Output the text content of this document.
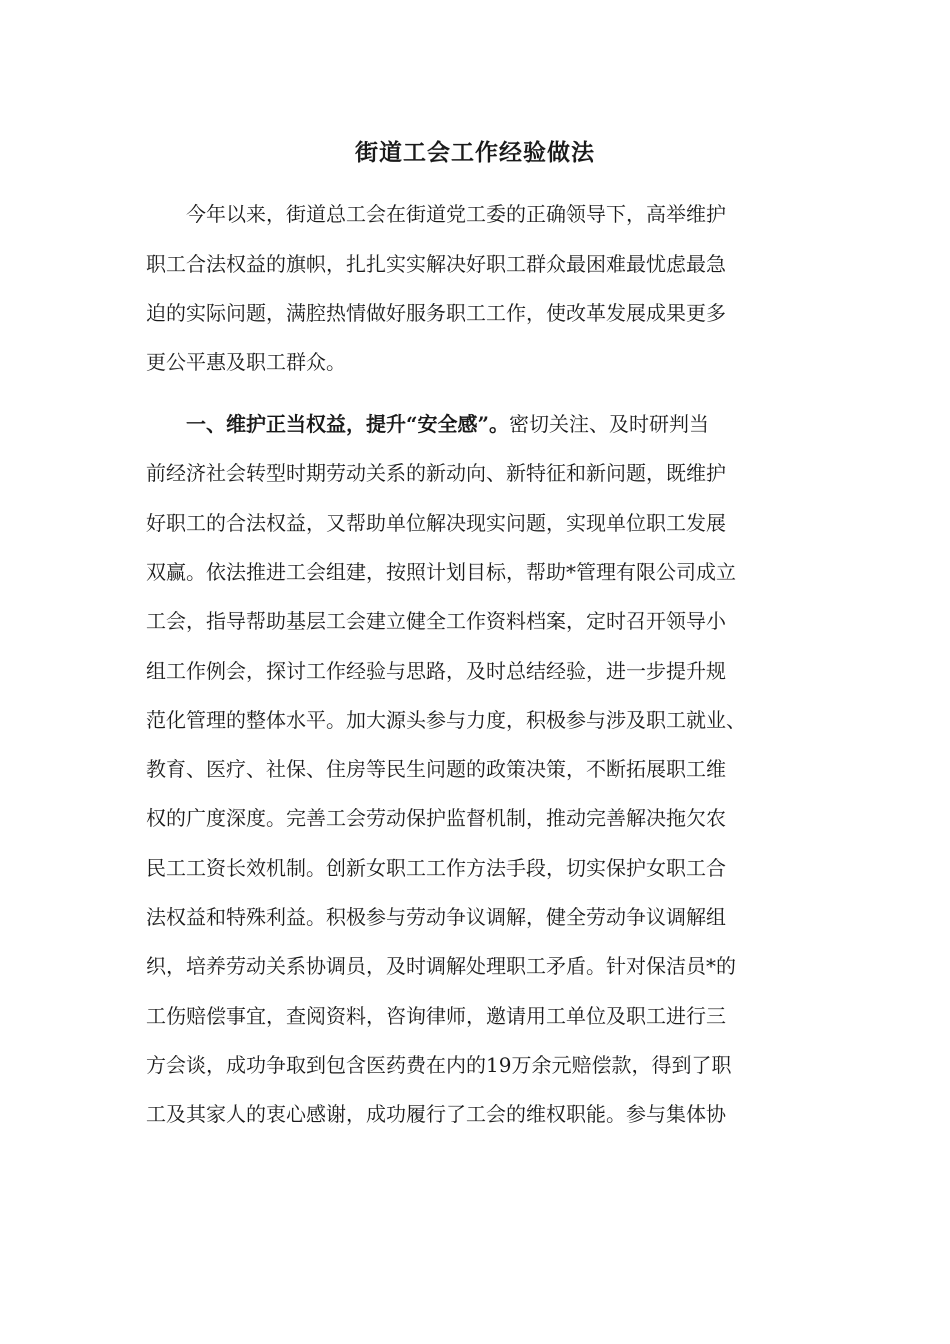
街道工会工作经验做法

今年以来，街道总工会在街道党工委的正确领导下，高举维护

职工合法权益的旗帜，扎扎实实解决好职工群众最困难最忧虑最急

迫的实际问题，满腔热情做好服务职工工作，使改革发展成果更多

更公平惠及职工群众。

一、维护正当权益，提升“安全感”。密切关注、及时研判当

前经济社会转型时期劳动关系的新动向、新特征和新问题，既维护

好职工的合法权益，又帮助单位解决现实问题，实现单位职工发展

双赢。依法推进工会组建，按照计划目标，帮助*管理有限公司成立

工会，指导帮助基层工会建立健全工作资料档案，定时召开领导小

组工作例会，探讨工作经验与思路，及时总结经验，进一步提升规

范化管理的整体水平。加大源头参与力度，积极参与涉及职工就业、

教育、医疗、社保、住房等民生问题的政策决策，不断拓展职工维

权的广度深度。完善工会劳动保护监督机制，推动完善解决拖欠农

民工工资长效机制。创新女职工工作方法手段，切实保护女职工合

法权益和特殊利益。积极参与劳动争议调解，健全劳动争议调解组

织，培养劳动关系协调员，及时调解处理职工矛盾。针对保洁员*的

工伤赔偿事宜，查阅资料，咨询律师，邀请用工单位及职工进行三

方会谈，成功争取到包含医药费在内的19万余元赔偿款，得到了职

工及其家人的衷心感谢，成功履行了工会的维权职能。参与集体协
